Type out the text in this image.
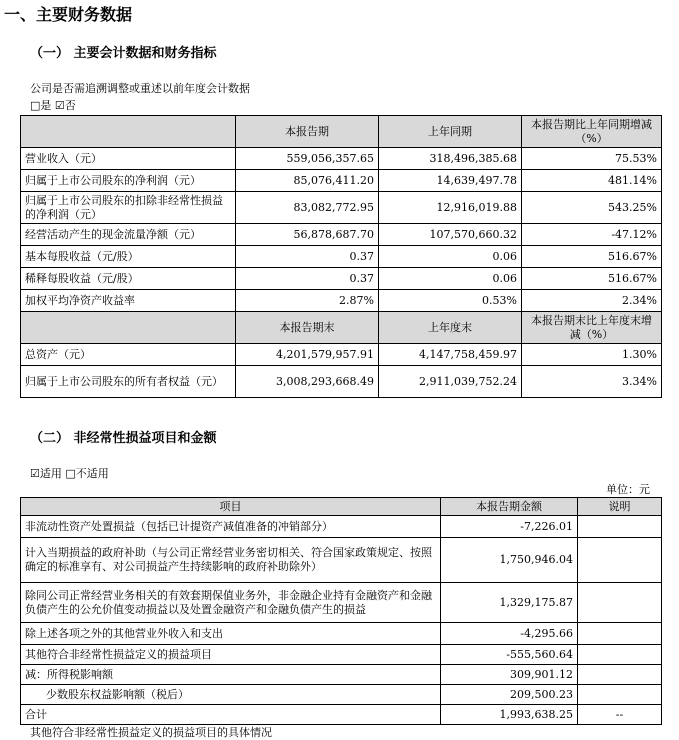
一、主要财务数据
（一） 主要会计数据和财务指标
公司是否需追溯调整或重述以前年度会计数据
□是 ☑否
	本报告期	上年同期	本报告期比上年同期增减（%）
营业收入（元）	559,056,357.65	318,496,385.68	75.53%
归属于上市公司股东的净利润（元）	85,076,411.20	14,639,497.78	481.14%
归属于上市公司股东的扣除非经常性损益的净利润（元）	83,082,772.95	12,916,019.88	543.25%
经营活动产生的现金流量净额（元）	56,878,687.70	107,570,660.32	-47.12%
基本每股收益（元/股）	0.37	0.06	516.67%
稀释每股收益（元/股）	0.37	0.06	516.67%
加权平均净资产收益率	2.87%	0.53%	2.34%
	本报告期末	上年度末	本报告期末比上年度末增减（%）
总资产（元）	4,201,579,957.91	4,147,758,459.97	1.30%
归属于上市公司股东的所有者权益（元）	3,008,293,668.49	2,911,039,752.24	3.34%
（二） 非经常性损益项目和金额
☑适用 □不适用
单位：元
项目	本报告期金额	说明
非流动性资产处置损益（包括已计提资产减值准备的冲销部分）	-7,226.01	
计入当期损益的政府补助（与公司正常经营业务密切相关、符合国家政策规定、按照确定的标准享有、对公司损益产生持续影响的政府补助除外）	1,750,946.04	
除同公司正常经营业务相关的有效套期保值业务外，非金融企业持有金融资产和金融负债产生的公允价值变动损益以及处置金融资产和金融负债产生的损益	1,329,175.87	
除上述各项之外的其他营业外收入和支出	-4,295.66	
其他符合非经常性损益定义的损益项目	-555,560.64	
减：所得税影响额	309,901.12	
少数股东权益影响额（税后）	209,500.23	
合计	1,993,638.25	--
其他符合非经常性损益定义的损益项目的具体情况
